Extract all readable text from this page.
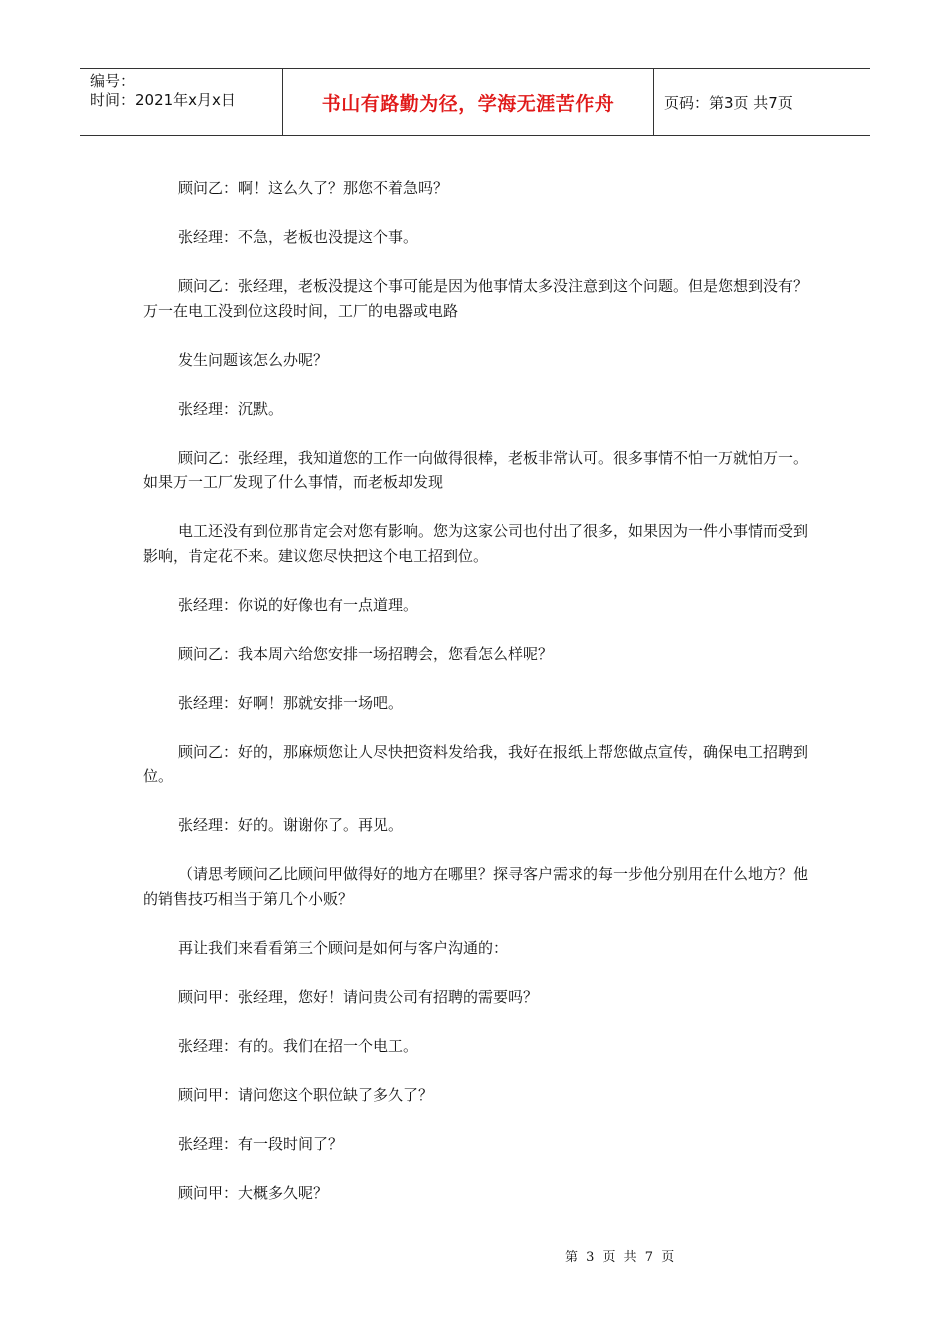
编号：
时间：2021年x月x日	书山有路勤为径，学海无涯苦作舟	页码：第3页 共7页

顾问乙：啊！这么久了？那您不着急吗？

张经理：不急，老板也没提这个事。

顾问乙：张经理，老板没提这个事可能是因为他事情太多没注意到这个问题。但是您想到没有？万一在电工没到位这段时间，工厂的电器或电路

发生问题该怎么办呢？

张经理：沉默。

顾问乙：张经理，我知道您的工作一向做得很棒，老板非常认可。很多事情不怕一万就怕万一。如果万一工厂发现了什么事情，而老板却发现

电工还没有到位那肯定会对您有影响。您为这家公司也付出了很多，如果因为一件小事情而受到影响，肯定花不来。建议您尽快把这个电工招到位。

张经理：你说的好像也有一点道理。

顾问乙：我本周六给您安排一场招聘会，您看怎么样呢？

张经理：好啊！那就安排一场吧。

顾问乙：好的，那麻烦您让人尽快把资料发给我，我好在报纸上帮您做点宣传，确保电工招聘到位。

张经理：好的。谢谢你了。再见。

（请思考顾问乙比顾问甲做得好的地方在哪里？探寻客户需求的每一步他分别用在什么地方？他的销售技巧相当于第几个小贩？

再让我们来看看第三个顾问是如何与客户沟通的：

顾问甲：张经理，您好！请问贵公司有招聘的需要吗？

张经理：有的。我们在招一个电工。

顾问甲：请问您这个职位缺了多久了？

张经理：有一段时间了？

顾问甲：大概多久呢？

第 3 页 共 7 页
